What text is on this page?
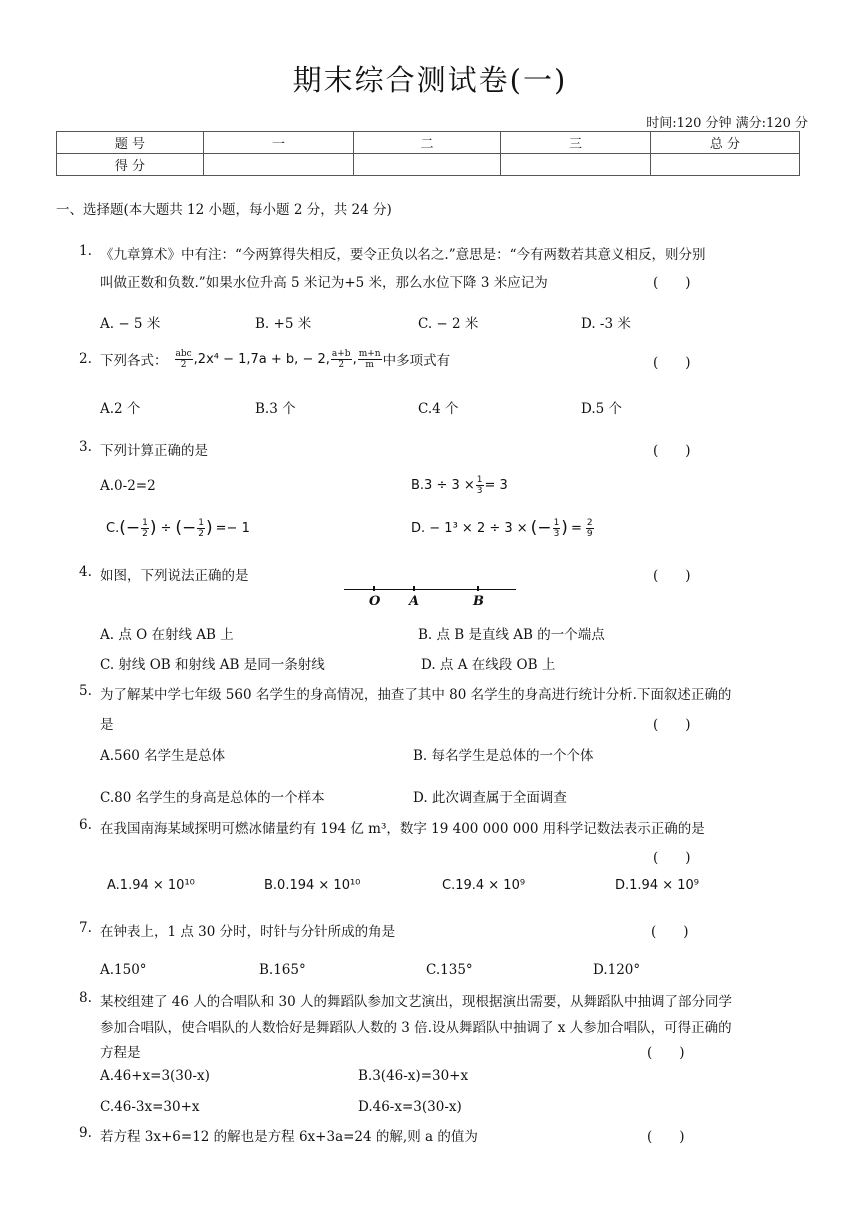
期末综合测试卷(一)
时间:120 分钟 满分:120 分
题 号	一	二	三	总 分
得 分				
一、选择题(本大题共 12 小题，每小题 2 分，共 24 分)
1. 《九章算术》中有注：“今两算得失相反，要令正负以名之.”意思是：“今有两数若其意义相反，则分别
叫做正数和负数.”如果水位升高 5 米记为+5 米，那么水位下降 3 米应记为	(　　)
A. − 5 米	B. +5 米	C. − 2 米	D. -3 米
2. 下列各式： $\frac{\text{abc}}{2} ,2x^4 - 1,7a + b$, − 2, $\frac{a+b}{2}$ , $\frac{m+n}{m}$ 中多项式有	(　　)
A.2 个	B.3 个	C.4 个	D.5 个
3. 下列计算正确的是	(　　)
A.0-2=2	$B.3 \div 3 \times \frac{1}{3} = 3$
C. (− $\frac{1}{2}$ ) ÷ (− $\frac{1}{2}$ ) =− 1	D. − 1³ × 2 ÷ 3 × (− $\frac{1}{3}$ ) = $\frac{2}{9}$
4. 如图，下列说法正确的是	(　　)
O A	B
A. 点 O 在射线 AB 上	B. 点 B 是直线 AB 的一个端点
C. 射线 OB 和射线 AB 是同一条射线	D. 点 A 在线段 OB 上
5. 为了解某中学七年级 560 名学生的身高情况，抽查了其中 80 名学生的身高进行统计分析.下面叙述正确的
是	(　　)
A.560 名学生是总体	B. 每名学生是总体的一个个体
C.80 名学生的身高是总体的一个样本	D. 此次调查属于全面调查
6. 在我国南海某域探明可燃冰储量约有 194 亿 m³，数字 19 400 000 000 用科学记数法表示正确的是
(　　)
A.1.94 × 10¹⁰	B.0.194 × 10¹⁰	C.19.4 × 10⁹	D.1.94 × 10⁹
7. 在钟表上，1 点 30 分时，时针与分针所成的角是	(　　)
A.150°	B.165°	C.135°	D.120°
8. 某校组建了 46 人的合唱队和 30 人的舞蹈队参加文艺演出，现根据演出需要，从舞蹈队中抽调了部分同学
参加合唱队，使合唱队的人数恰好是舞蹈队人数的 3 倍.设从舞蹈队中抽调了 x 人参加合唱队，可得正确的
方程是	(　　)
A.46+x=3(30-x)	B.3(46-x)=30+x
C.46-3x=30+x	D.46-x=3(30-x)
9. 若方程 3x+6=12 的解也是方程 6x+3a=24 的解,则 a 的值为	(　　)
